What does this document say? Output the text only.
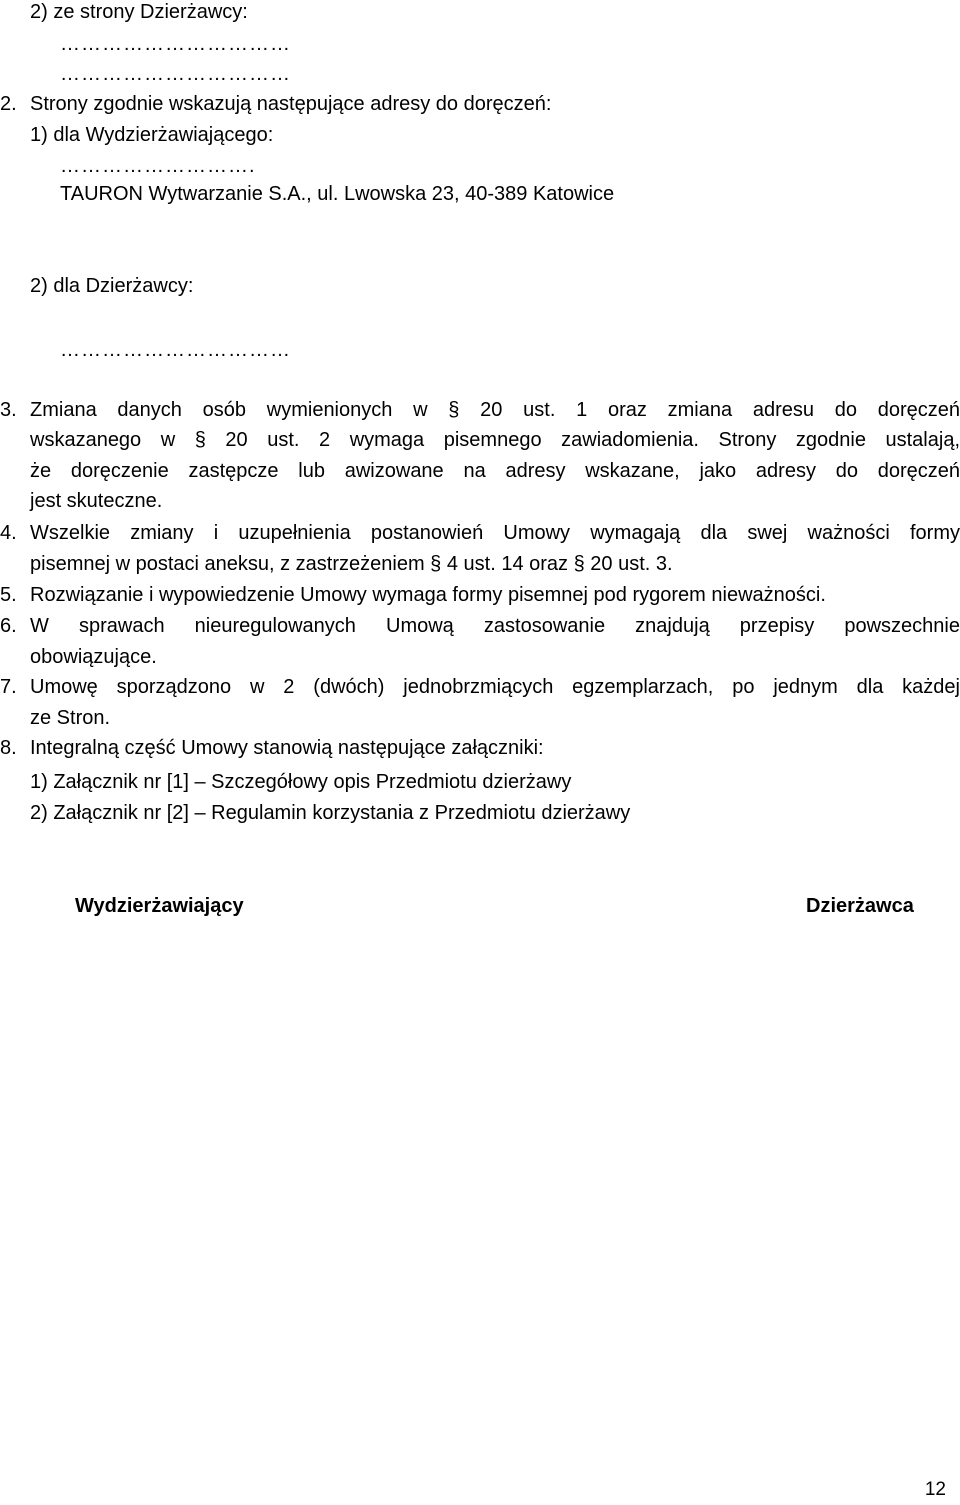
2) ze strony Dzierżawcy:
……………………………
……………………………
2. Strony zgodnie wskazują następujące adresy do doręczeń:
1) dla Wydzierżawiającego:
……………………….
TAURON Wytwarzanie S.A., ul. Lwowska 23, 40-389 Katowice
2) dla Dzierżawcy:
……………………………
3. Zmiana danych osób wymienionych w § 20 ust. 1 oraz zmiana adresu do doręczeń
wskazanego w § 20 ust. 2 wymaga pisemnego zawiadomienia. Strony zgodnie ustalają,
że doręczenie zastępcze lub awizowane na adresy wskazane, jako adresy do doręczeń
jest skuteczne.
4. Wszelkie zmiany i uzupełnienia postanowień Umowy wymagają dla swej ważności formy
pisemnej w postaci aneksu, z zastrzeżeniem § 4 ust. 14 oraz § 20 ust. 3.
5. Rozwiązanie i wypowiedzenie Umowy wymaga formy pisemnej pod rygorem nieważności.
6. W sprawach nieuregulowanych Umową zastosowanie znajdują przepisy powszechnie
obowiązujące.
7. Umowę sporządzono w 2 (dwóch) jednobrzmiących egzemplarzach, po jednym dla każdej
ze Stron.
8. Integralną część Umowy stanowią następujące załączniki:
1) Załącznik nr [1] – Szczegółowy opis Przedmiotu dzierżawy
2) Załącznik nr [2] – Regulamin korzystania z Przedmiotu dzierżawy
Wydzierżawiający	Dzierżawca
12
